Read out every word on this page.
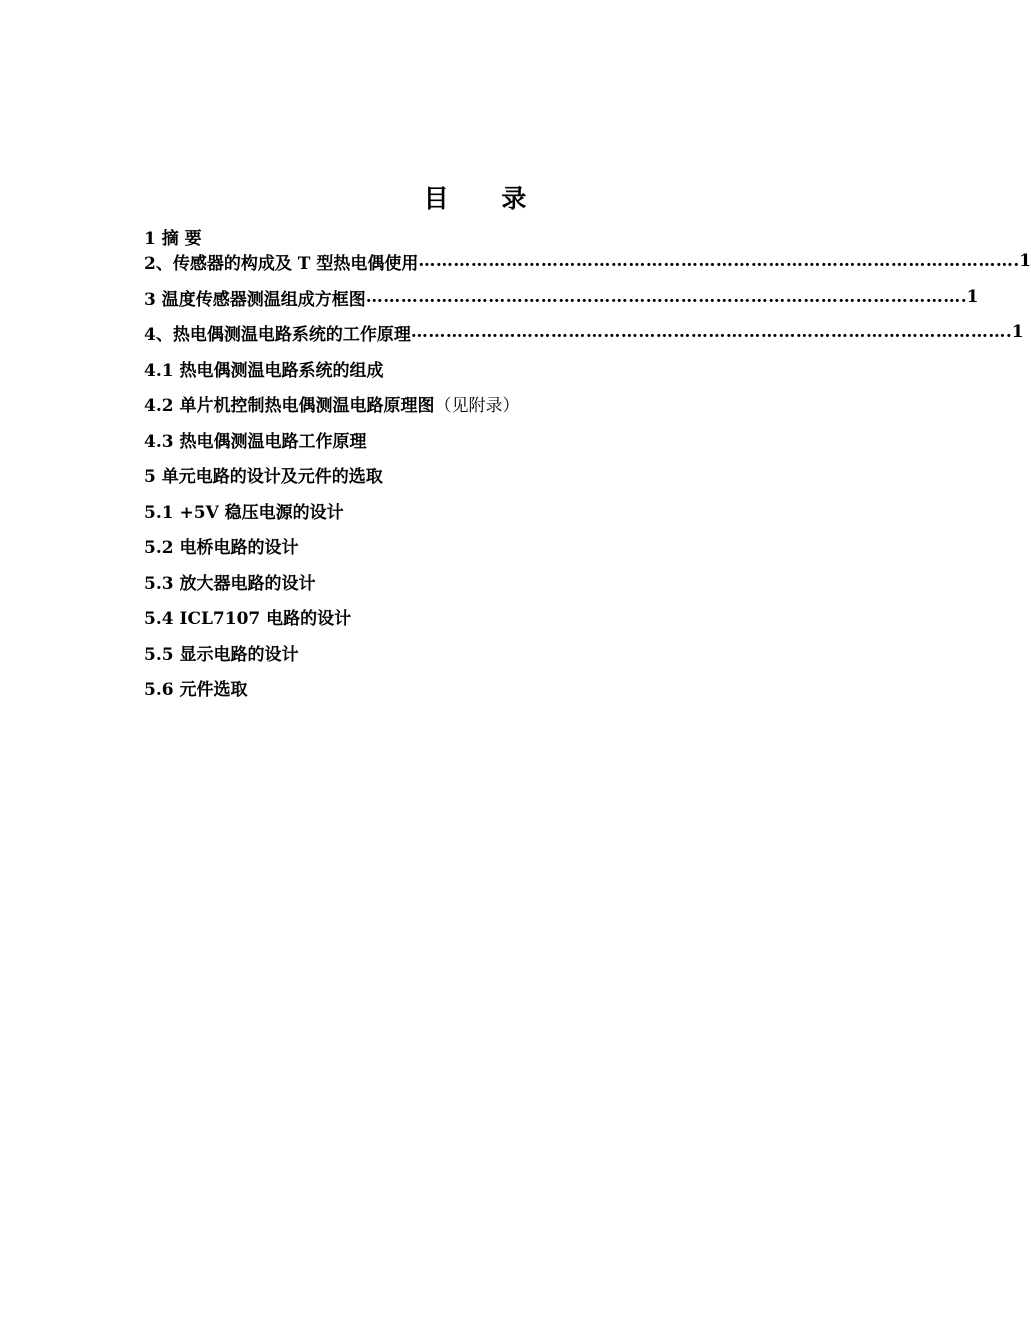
目 录
1 摘 要
2、传感器的构成及 T 型热电偶使用 ………………………………………………………………………………………… .1
3 温度传感器测温组成方框图 ………………………………………………………………………………………… .1
4、热电偶测温电路系统的工作原理 ………………………………………………………………………………………… .1
4.1 热电偶测温电路系统的组成
4.2 单片机控制热电偶测温电路原理图 （见附录）
4.3 热电偶测温电路工作原理
5 单元电路的设计及元件的选取
5.1 +5V 稳压电源的设计
5.2 电桥电路的设计
5.3 放大器电路的设计
5.4 ICL7107 电路的设计
5.5 显示电路的设计
5.6 元件选取
